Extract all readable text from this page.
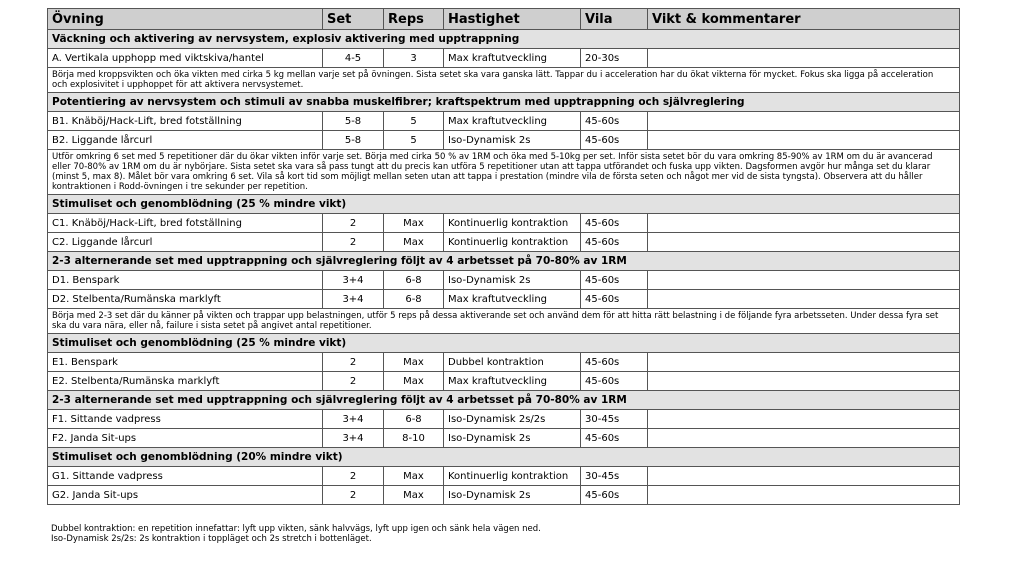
Övning	Set	Reps	Hastighet	Vila	Vikt & kommentarer
Väckning och aktivering av nervsystem, explosiv aktivering med upptrappning					
A. Vertikala upphopp med viktskiva/hantel	4-5	3	Max kraftutveckling	20-30s	

Börja med kroppsvikten och öka vikten med cirka 5 kg mellan varje set på övningen. Sista setet ska vara ganska lätt. Tappar du i acceleration har du ökat vikterna för mycket. Fokus ska ligga på acceleration
och explosivitet i upphoppet för att aktivera nervsystemet.					

Potentiering av nervsystem och stimuli av snabba muskelfibrer; kraftspektrum med upptrappning och självreglering					
B1. Knäböj/Hack-Lift, bred fotställning	5-8	5	Max kraftutveckling	45-60s	
B2. Liggande lårcurl	5-8	5	Iso-Dynamisk 2s	45-60s	

Utför omkring 6 set med 5 repetitioner där du ökar vikten inför varje set. Börja med cirka 50 % av 1RM och öka med 5-10kg per set. Inför sista setet bör du vara omkring 85-90% av 1RM om du är avancerad
eller 70-80% av 1RM om du är nybörjare. Sista setet ska vara så pass tungt att du precis kan utföra 5 repetitioner utan att tappa utförandet och fuska upp vikten. Dagsformen avgör hur många set du klarar
(minst 5, max 8). Målet bör vara omkring 6 set. Vila så kort tid som möjligt mellan seten utan att tappa i prestation (mindre vila de första seten och något mer vid de sista tyngsta). Observera att du håller
kontraktionen i Rodd-övningen i tre sekunder per repetition.					

Stimuliset och genomblödning (25 % mindre vikt)					
C1. Knäböj/Hack-Lift, bred fotställning	2	Max	Kontinuerlig kontraktion	45-60s	
C2. Liggande lårcurl	2	Max	Kontinuerlig kontraktion	45-60s	
2-3 alternerande set med upptrappning och självreglering följt av 4 arbetsset på 70-80% av 1RM					
D1. Benspark	3+4	6-8	Iso-Dynamisk 2s	45-60s	
D2. Stelbenta/Rumänska marklyft	3+4	6-8	Max kraftutveckling	45-60s	

Börja med 2-3 set där du känner på vikten och trappar upp belastningen, utför 5 reps på dessa aktiverande set och använd dem för att hitta rätt belastning i de följande fyra arbetsseten. Under dessa fyra set
ska du vara nära, eller nå, failure i sista setet på angivet antal repetitioner.					

Stimuliset och genomblödning (25 % mindre vikt)					
E1. Benspark	2	Max	Dubbel kontraktion	45-60s	
E2. Stelbenta/Rumänska marklyft	2	Max	Max kraftutveckling	45-60s	
2-3 alternerande set med upptrappning och självreglering följt av 4 arbetsset på 70-80% av 1RM					
F1. Sittande vadpress	3+4	6-8	Iso-Dynamisk 2s/2s	30-45s	
F2. Janda Sit-ups	3+4	8-10	Iso-Dynamisk 2s	45-60s	
Stimuliset och genomblödning (20% mindre vikt)					
G1. Sittande vadpress	2	Max	Kontinuerlig kontraktion	30-45s	
G2. Janda Sit-ups	2	Max	Iso-Dynamisk 2s	45-60s	
Dubbel kontraktion: en repetition innefattar: lyft upp vikten, sänk halvvägs, lyft upp igen och sänk hela vägen ned.
Iso-Dynamisk 2s/2s: 2s kontraktion i toppläget och 2s stretch i bottenläget.
